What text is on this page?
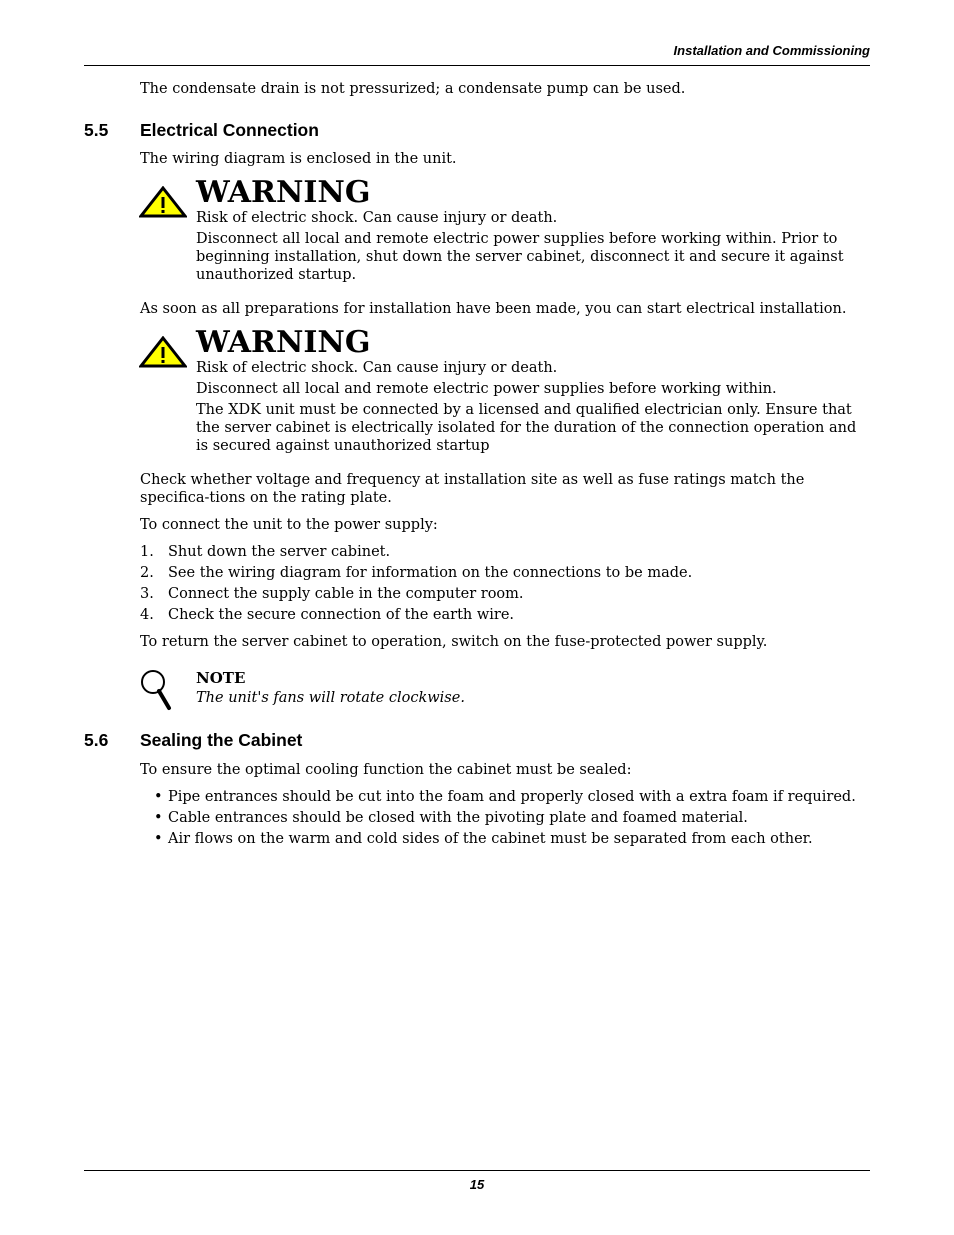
Installation and Commissioning

The condensate drain is not pressurized; a condensate pump can be used.

5.5 Electrical Connection

The wiring diagram is enclosed in the unit.

WARNING

Risk of electric shock. Can cause injury or death.

Disconnect all local and remote electric power supplies before working within. Prior to beginning installation, shut down the server cabinet, disconnect it and secure it against unauthorized startup.

As soon as all preparations for installation have been made, you can start electrical installation.

WARNING

Risk of electric shock. Can cause injury or death.

Disconnect all local and remote electric power supplies before working within.

The XDK unit must be connected by a licensed and qualified electrician only. Ensure that the server cabinet is electrically isolated for the duration of the connection operation and is secured against unauthorized startup

Check whether voltage and frequency at installation site as well as fuse ratings match the specifica-tions on the rating plate.

To connect the unit to the power supply:

1. Shut down the server cabinet.
2. See the wiring diagram for information on the connections to be made.
3. Connect the supply cable in the computer room.
4. Check the secure connection of the earth wire.

To return the server cabinet to operation, switch on the fuse-protected power supply.

NOTE
The unit's fans will rotate clockwise.
5.6 Sealing the Cabinet

To ensure the optimal cooling function the cabinet must be sealed:

• Pipe entrances should be cut into the foam and properly closed with a extra foam if required.
• Cable entrances should be closed with the pivoting plate and foamed material.
• Air flows on the warm and cold sides of the cabinet must be separated from each other.
15
